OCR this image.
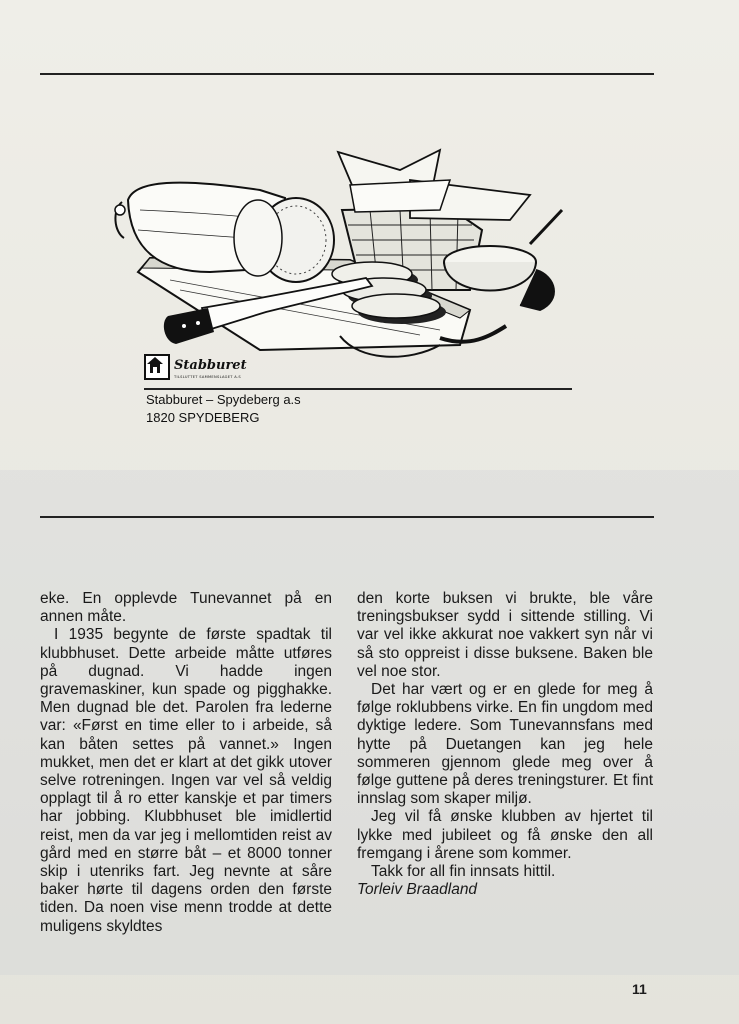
Stabburet
TILSLUTTET SAMMENSLAGET A.S
Stabburet – Spydeberg a.s
1820 SPYDEBERG

eke. En opplevde Tunevannet på en annen måte.

I 1935 begynte de første spadtak til klubbhuset. Dette arbeide måtte utføres på dugnad. Vi hadde ingen gravemaskiner, kun spade og pigghakke. Men dugnad ble det. Parolen fra lederne var: «Først en time eller to i arbeide, så kan båten settes på vannet.» Ingen mukket, men det er klart at det gikk utover selve rotreningen. Ingen var vel så veldig opplagt til å ro etter kanskje et par timers har jobbing. Klubbhuset ble imidlertid reist, men da var jeg i mellomtiden reist av gård med en større båt – et 8000 tonner skip i utenriks fart. Jeg nevnte at såre baker hørte til dagens orden den første tiden. Da noen vise menn trodde at dette muligens skyldtes

den korte buksen vi brukte, ble våre treningsbukser sydd i sittende stilling. Vi var vel ikke akkurat noe vakkert syn når vi så sto oppreist i disse buksene. Baken ble vel noe stor.

Det har vært og er en glede for meg å følge roklubbens virke. En fin ungdom med dyktige ledere. Som Tunevannsfans med hytte på Duetangen kan jeg hele sommeren gjennom glede meg over å følge guttene på deres treningsturer. Et fint innslag som skaper miljø.

Jeg vil få ønske klubben av hjertet til lykke med jubileet og få ønske den all fremgang i årene som kommer.

Takk for all fin innsats hittil.

Torleiv Braadland

11
